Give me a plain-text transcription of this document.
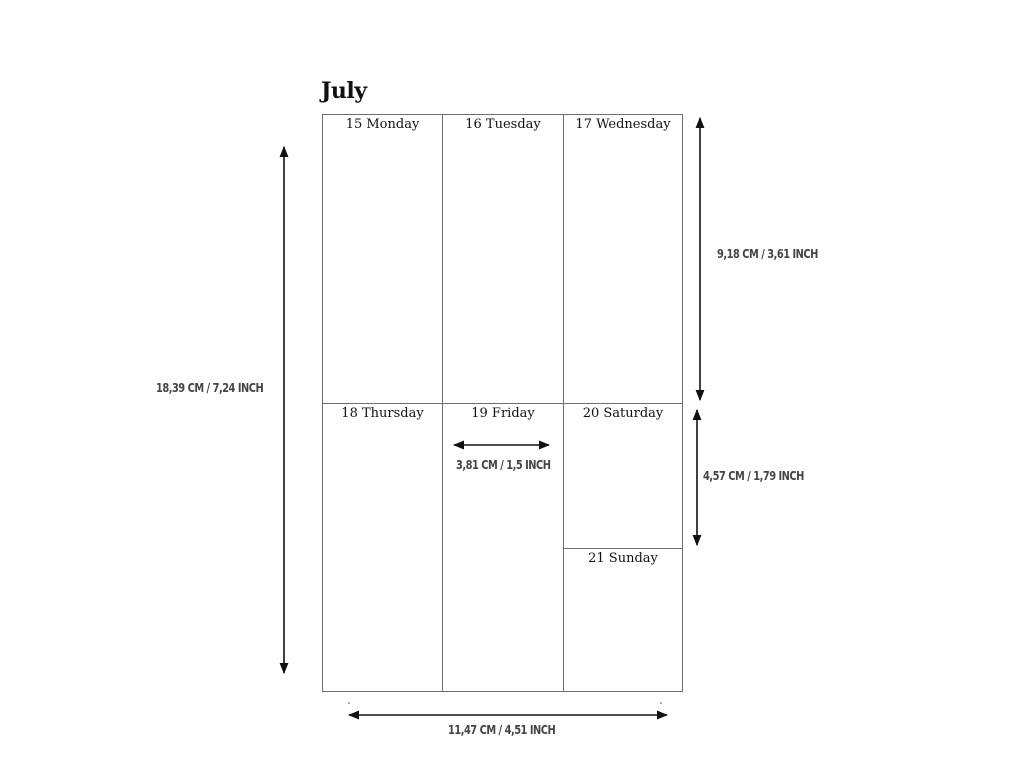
July
15 Monday	16 Tuesday	17 Wednesday
18 Thursday	19 Friday	20 Saturday
21 Sunday
18,39 CM / 7,24 INCH
9,18 CM / 3,61 INCH
4,57 CM / 1,79 INCH
3,81 CM / 1,5 INCH
11,47 CM / 4,51 INCH
